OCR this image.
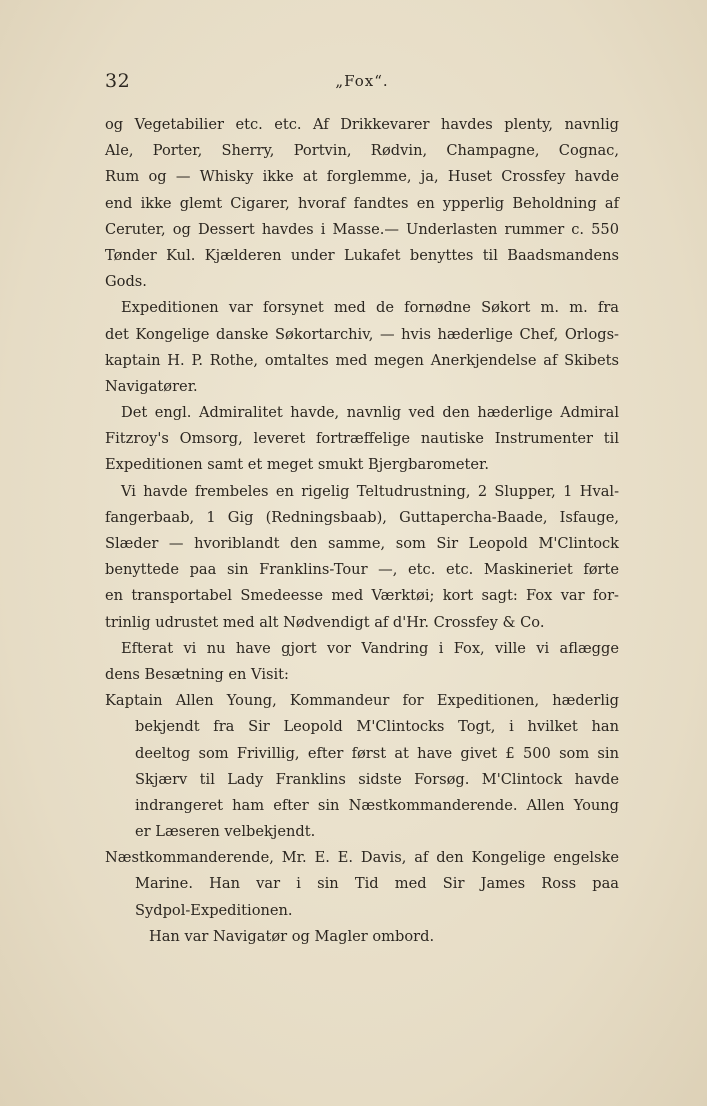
32	„Fox“.
og Vegetabilier etc. etc. Af Drikkevarer havdes plenty, navnlig
Ale, Porter, Sherry, Portvin, Rødvin, Champagne, Cognac,
Rum og — Whisky ikke at forglemme, ja, Huset Crossfey havde
end ikke glemt Cigarer, hvoraf fandtes en ypperlig Beholdning af
Ceruter, og Dessert havdes i Masse.— Underlasten rummer c. 550
Tønder Kul. Kjælderen under Lukafet benyttes til Baadsmandens
Gods.
Expeditionen var forsynet med de fornødne Søkort m. m. fra
det Kongelige danske Søkortarchiv, — hvis hæderlige Chef, Orlogs-
kaptain H. P. Rothe, omtaltes med megen Anerkjendelse af Skibets
Navigatører.
Det engl. Admiralitet havde, navnlig ved den hæderlige Admiral
Fitzroy's Omsorg, leveret fortræffelige nautiske Instrumenter til
Expeditionen samt et meget smukt Bjergbarometer.
Vi havde frembeles en rigelig Teltudrustning, 2 Slupper, 1 Hval-
fangerbaab, 1 Gig (Redningsbaab), Guttapercha-Baade, Isfauge,
Slæder — hvoriblandt den samme, som Sir Leopold M'Clintock
benyttede paa sin Franklins-Tour —, etc. etc. Maskineriet førte
en transportabel Smedeesse med Værktøi; kort sagt: Fox var for-
trinlig udrustet med alt Nødvendigt af d'Hr. Crossfey & Co.
Efterat vi nu have gjort vor Vandring i Fox, ville vi aflægge
dens Besætning en Visit:
Kaptain Allen Young, Kommandeur for Expeditionen, hæderlig
bekjendt fra Sir Leopold M'Clintocks Togt, i hvilket han
deeltog som Frivillig, efter først at have givet £ 500 som sin
Skjærv til Lady Franklins sidste Forsøg. M'Clintock havde
indrangeret ham efter sin Næstkommanderende. Allen Young
er Læseren velbekjendt.
Næstkommanderende, Mr. E. E. Davis, af den Kongelige engelske
Marine. Han var i sin Tid med Sir James Ross paa
Sydpol-Expeditionen.
Han var Navigatør og Magler ombord.
